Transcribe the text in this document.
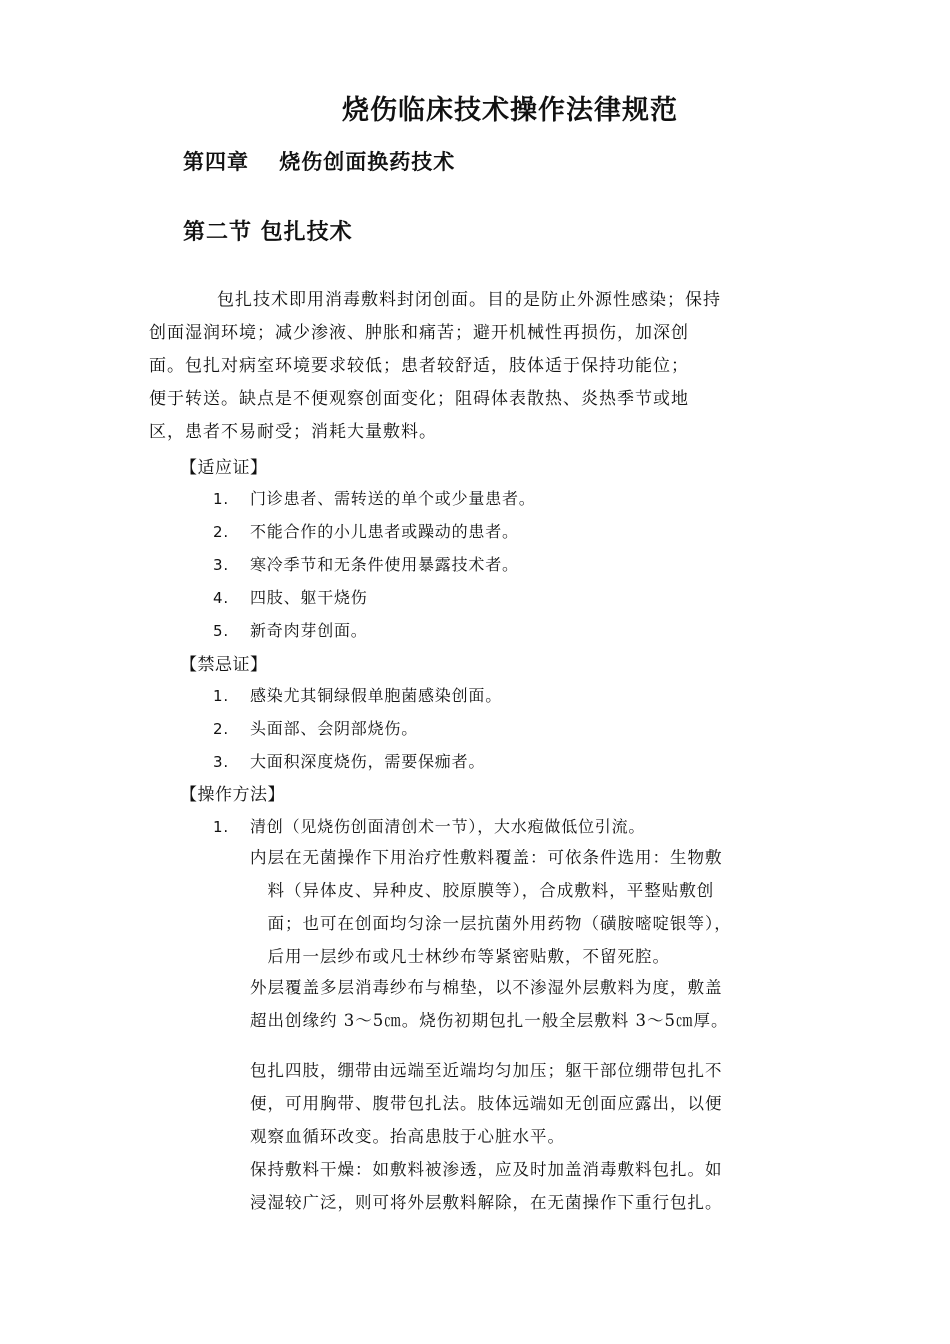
烧伤临床技术操作法律规范
第四章　 烧伤创面换药技术
第二节 包扎技术
包扎技术即用消毒敷料封闭创面。目的是防止外源性感染；保持
创面湿润环境；减少渗液、肿胀和痛苦；避开机械性再损伤，加深创
面。包扎对病室环境要求较低；患者较舒适，肢体适于保持功能位；
便于转送。缺点是不便观察创面变化；阻碍体表散热、炎热季节或地
区，患者不易耐受；消耗大量敷料。
【适应证】
1. 门诊患者、需转送的单个或少量患者。
2. 不能合作的小儿患者或躁动的患者。
3. 寒冷季节和无条件使用暴露技术者。
4. 四肢、躯干烧伤
5. 新奇肉芽创面。
【禁忌证】
1. 感染尤其铜绿假单胞菌感染创面。
2. 头面部、会阴部烧伤。
3. 大面积深度烧伤，需要保痂者。
【操作方法】
1. 清创（见烧伤创面清创术一节），大水疱做低位引流。
内层在无菌操作下用治疗性敷料覆盖：可依条件选用：生物敷
　料（异体皮、异种皮、胶原膜等），合成敷料，平整贴敷创
　面；也可在创面均匀涂一层抗菌外用药物（磺胺嘧啶银等），
　后用一层纱布或凡士林纱布等紧密贴敷，不留死腔。
外层覆盖多层消毒纱布与棉垫，以不渗湿外层敷料为度，敷盖
超出创缘约 3～5㎝。烧伤初期包扎一般全层敷料 3～5㎝厚。
包扎四肢，绷带由远端至近端均匀加压；躯干部位绷带包扎不
便，可用胸带、腹带包扎法。肢体远端如无创面应露出，以便
观察血循环改变。抬高患肢于心脏水平。
保持敷料干燥：如敷料被渗透，应及时加盖消毒敷料包扎。如
浸湿较广泛，则可将外层敷料解除，在无菌操作下重行包扎。
